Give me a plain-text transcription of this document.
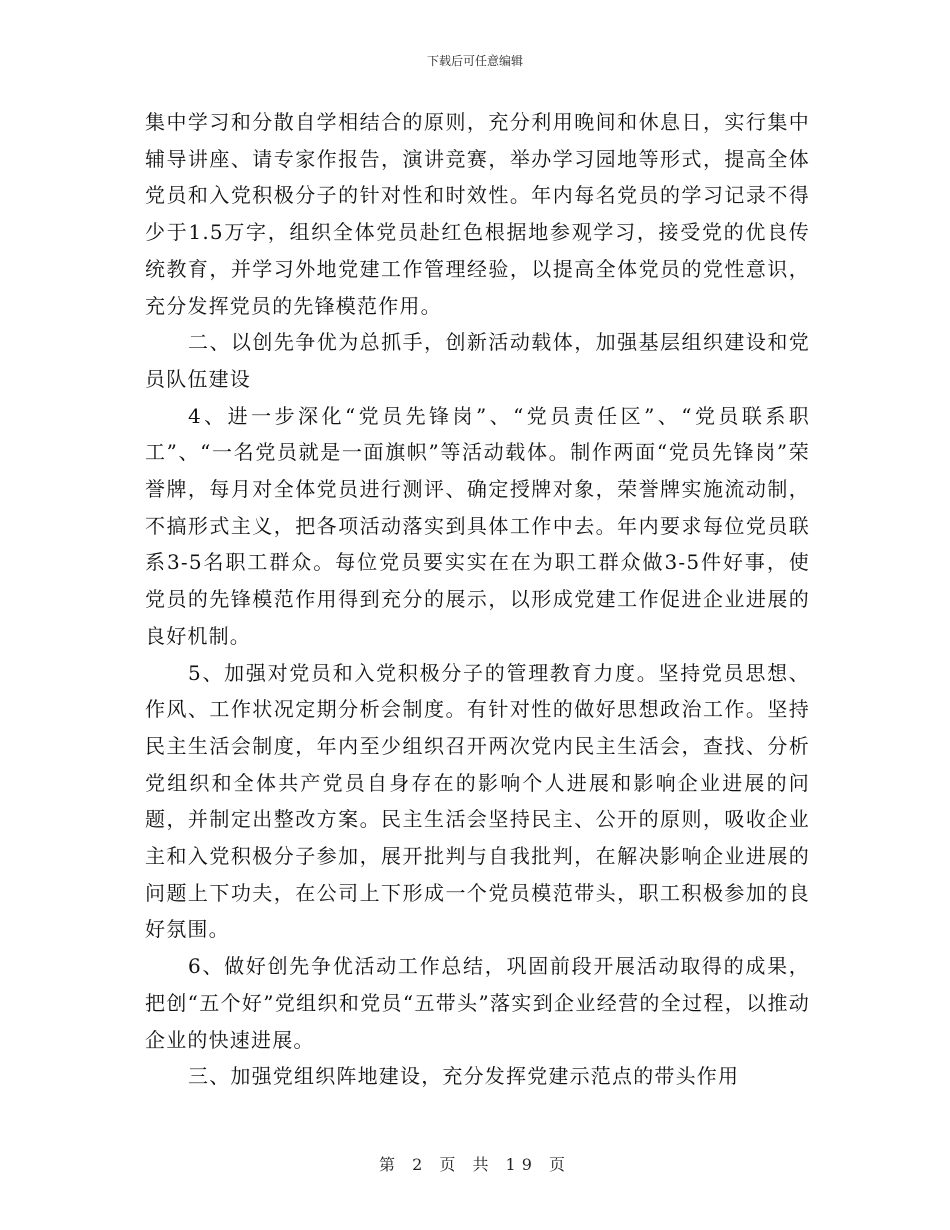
下载后可任意编辑

集中学习和分散自学相结合的原则，充分利用晚间和休息日，实行集中辅导讲座、请专家作报告，演讲竞赛，举办学习园地等形式，提高全体党员和入党积极分子的针对性和时效性。年内每名党员的学习记录不得少于1.5万字，组织全体党员赴红色根据地参观学习，接受党的优良传统教育，并学习外地党建工作管理经验，以提高全体党员的党性意识，充分发挥党员的先锋模范作用。

二、以创先争优为总抓手，创新活动载体，加强基层组织建设和党员队伍建设

4、进一步深化“党员先锋岗”、“党员责任区”、“党员联系职工”、“一名党员就是一面旗帜”等活动载体。制作两面“党员先锋岗”荣誉牌，每月对全体党员进行测评、确定授牌对象，荣誉牌实施流动制，不搞形式主义，把各项活动落实到具体工作中去。年内要求每位党员联系3-5名职工群众。每位党员要实实在在为职工群众做3-5件好事，使党员的先锋模范作用得到充分的展示，以形成党建工作促进企业进展的良好机制。

5、加强对党员和入党积极分子的管理教育力度。坚持党员思想、作风、工作状况定期分析会制度。有针对性的做好思想政治工作。坚持民主生活会制度，年内至少组织召开两次党内民主生活会，查找、分析党组织和全体共产党员自身存在的影响个人进展和影响企业进展的问题，并制定出整改方案。民主生活会坚持民主、公开的原则，吸收企业主和入党积极分子参加，展开批判与自我批判，在解决影响企业进展的问题上下功夫，在公司上下形成一个党员模范带头，职工积极参加的良好氛围。

6、做好创先争优活动工作总结，巩固前段开展活动取得的成果，把创“五个好”党组织和党员“五带头”落实到企业经营的全过程，以推动企业的快速进展。

三、加强党组织阵地建设，充分发挥党建示范点的带头作用

第 2 页 共 19 页
